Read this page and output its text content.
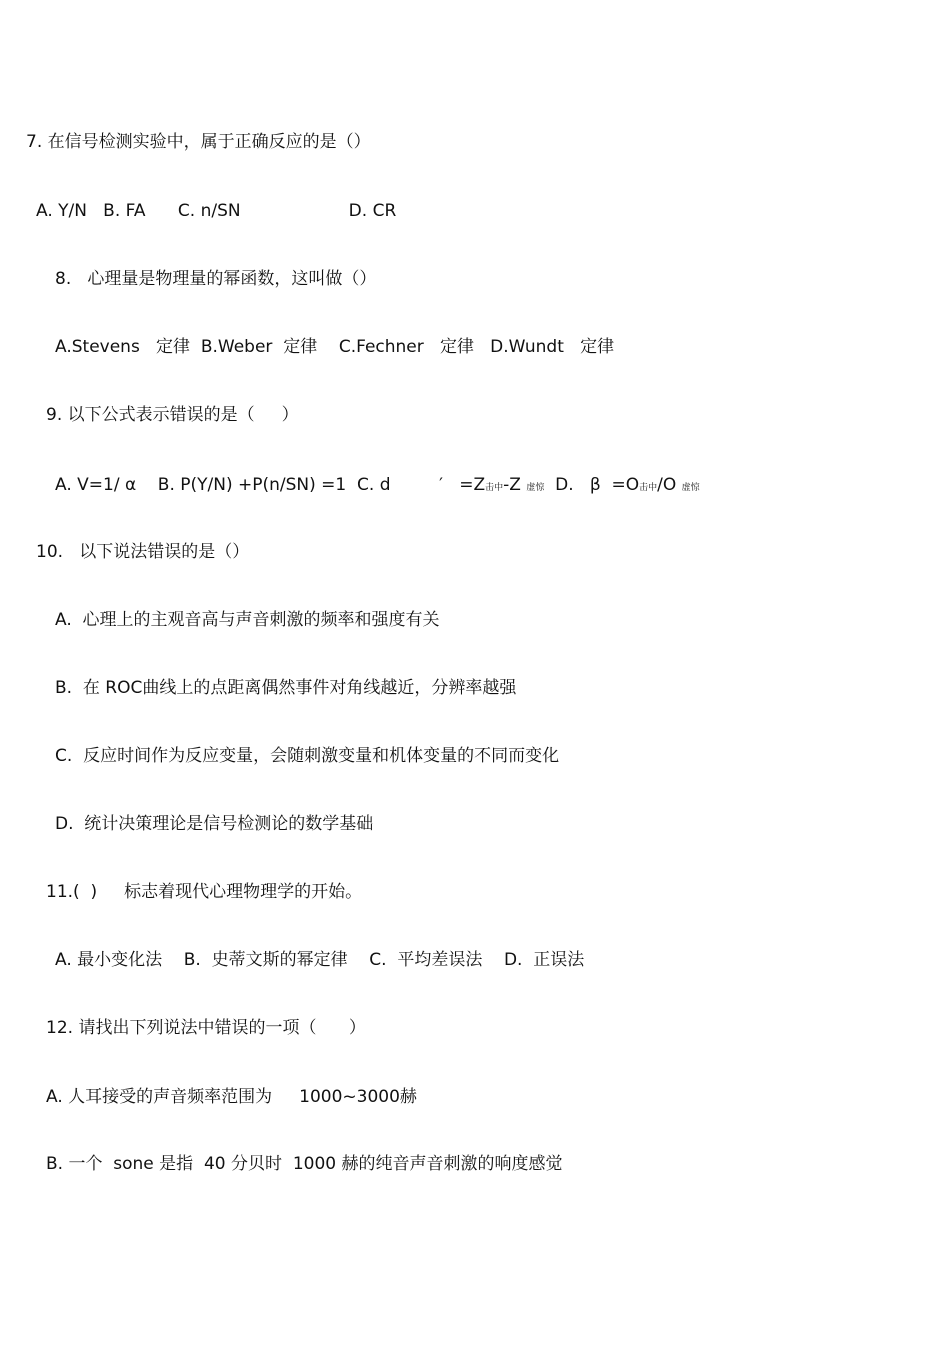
7. 在信号检测实验中，属于正确反应的是（）
A. Y/N   B. FA      C. n/SN                    D. CR
8.   心理量是物理量的幂函数，这叫做（）
A.Stevens   定律  B.Weber  定律    C.Fechner   定律   D.Wundt   定律
9. 以下公式表示错误的是（     ）
A. V=1/ α    B. P(Y/N) +P(n/SN) =1  C. d         ′   =Z击中-Z 虚惊  D.   β  =O击中/O 虚惊
10.   以下说法错误的是（）
A.  心理上的主观音高与声音刺激的频率和强度有关
B.  在 ROC曲线上的点距离偶然事件对角线越近，分辨率越强
C.  反应时间作为反应变量，会随刺激变量和机体变量的不同而变化
D.  统计决策理论是信号检测论的数学基础
11.(  )     标志着现代心理物理学的开始。
A. 最小变化法    B.  史蒂文斯的幂定律    C.  平均差误法    D.  正误法
12. 请找出下列说法中错误的一项（      ）
A. 人耳接受的声音频率范围为     1000~3000赫
B. 一个  sone 是指  40 分贝时  1000 赫的纯音声音刺激的响度感觉
